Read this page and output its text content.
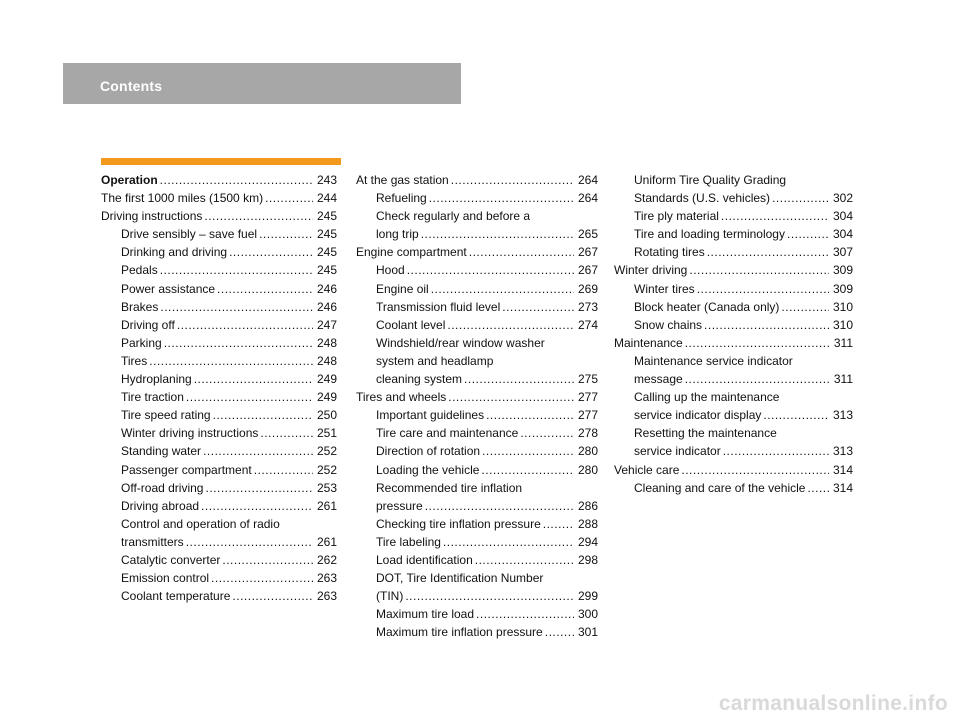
Contents
Operation .....	243
The first 1000 miles (1500 km) .....	244
Driving instructions .....	245
Drive sensibly – save fuel .....	245
Drinking and driving .....	245
Pedals .....	245
Power assistance .....	246
Brakes .....	246
Driving off .....	247
Parking .....	248
Tires .....	248
Hydroplaning .....	249
Tire traction .....	249
Tire speed rating .....	250
Winter driving instructions .....	251
Standing water .....	252
Passenger compartment .....	252
Off-road driving .....	253
Driving abroad .....	261
Control and operation of radio
transmitters .....	261
Catalytic converter .....	262
Emission control .....	263
Coolant temperature .....	263
At the gas station .....	264
Refueling .....	264
Check regularly and before a
long trip .....	265
Engine compartment .....	267
Hood .....	267
Engine oil .....	269
Transmission fluid level .....	273
Coolant level .....	274
Windshield/rear window washer
system and headlamp
cleaning system .....	275
Tires and wheels .....	277
Important guidelines .....	277
Tire care and maintenance .....	278
Direction of rotation .....	280
Loading the vehicle .....	280
Recommended tire inflation
pressure .....	286
Checking tire inflation pressure .....	288
Tire labeling .....	294
Load identification .....	298
DOT, Tire Identification Number
(TIN) .....	299
Maximum tire load .....	300
Maximum tire inflation pressure .....	301
Uniform Tire Quality Grading
Standards (U.S. vehicles) .....	302
Tire ply material .....	304
Tire and loading terminology .....	304
Rotating tires .....	307
Winter driving .....	309
Winter tires .....	309
Block heater (Canada only) .....	310
Snow chains .....	310
Maintenance .....	311
Maintenance service indicator
message .....	311
Calling up the maintenance
service indicator display .....	313
Resetting the maintenance
service indicator .....	313
Vehicle care .....	314
Cleaning and care of the vehicle ..... 314
carmanualsonline.info
